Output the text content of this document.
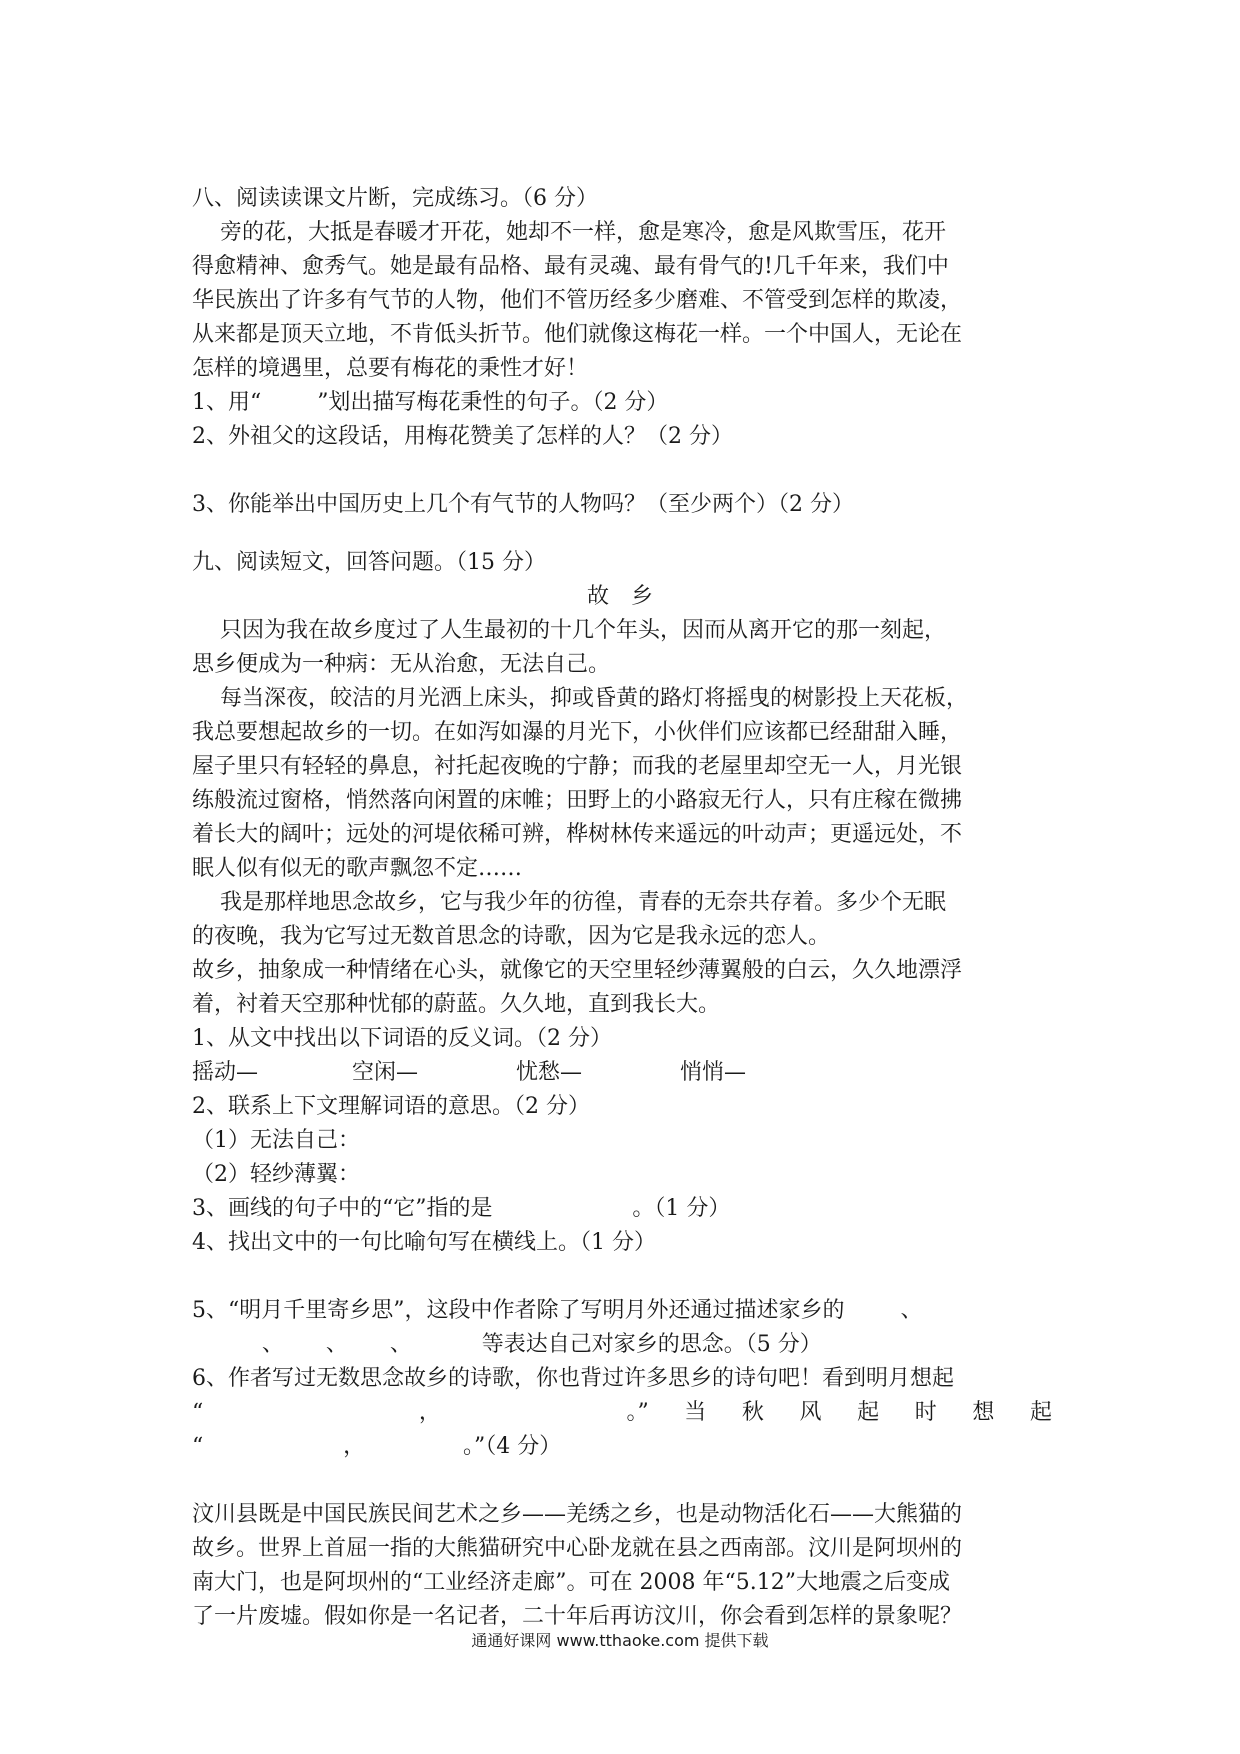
八、阅读读课文片断，完成练习。（6 分）
旁的花，大抵是春暖才开花，她却不一样，愈是寒冷，愈是风欺雪压，花开
得愈精神、愈秀气。她是最有品格、最有灵魂、最有骨气的!几千年来，我们中
华民族出了许多有气节的人物，他们不管历经多少磨难、不管受到怎样的欺凌，
从来都是顶天立地，不肯低头折节。他们就像这梅花一样。一个中国人，无论在
怎样的境遇里，总要有梅花的秉性才好！
1、用“        ”划出描写梅花秉性的句子。（2 分）
2、外祖父的这段话，用梅花赞美了怎样的人？（2 分）
3、你能举出中国历史上几个有气节的人物吗？（至少两个）（2 分）
九、阅读短文，回答问题。（15 分）
故　乡
只因为我在故乡度过了人生最初的十几个年头，因而从离开它的那一刻起，
思乡便成为一种病：无从治愈，无法自己。
每当深夜，皎洁的月光洒上床头，抑或昏黄的路灯将摇曳的树影投上天花板，
我总要想起故乡的一切。在如泻如瀑的月光下，小伙伴们应该都已经甜甜入睡，
屋子里只有轻轻的鼻息，衬托起夜晚的宁静；而我的老屋里却空无一人，月光银
练般流过窗格，悄然落向闲置的床帷；田野上的小路寂无行人，只有庄稼在微拂
着长大的阔叶；远处的河堤依稀可辨，桦树林传来遥远的叶动声；更遥远处，不
眠人似有似无的歌声飘忽不定……
我是那样地思念故乡，它与我少年的彷徨，青春的无奈共存着。多少个无眠
的夜晚，我为它写过无数首思念的诗歌，因为它是我永远的恋人。
故乡，抽象成一种情绪在心头，就像它的天空里轻纱薄翼般的白云，久久地漂浮
着，衬着天空那种忧郁的蔚蓝。久久地，直到我长大。
1、从文中找出以下词语的反义词。（2 分）
摇动—	空闲—	忧愁—	悄悄—
2、联系上下文理解词语的意思。（2 分）
（1）无法自己：
（2）轻纱薄翼：
3、画线的句子中的“它”指的是                    。（1 分）
4、找出文中的一句比喻句写在横线上。（1 分）
5、“明月千里寄乡思”，这段中作者除了写明月外还通过描述家乡的        、
、      、      、          等表达自己对家乡的思念。（5 分）
6、作者写过无数思念故乡的诗歌，你也背过许多思乡的诗句吧！看到明月想起
“	，	。” 当 秋 风 起 时 想 起
“                    ，              。”（4 分）
汶川县既是中国民族民间艺术之乡——羌绣之乡，也是动物活化石——大熊猫的
故乡。世界上首屈一指的大熊猫研究中心卧龙就在县之西南部。汶川是阿坝州的
南大门，也是阿坝州的“工业经济走廊”。可在 2008 年“5.12”大地震之后变成
了一片废墟。假如你是一名记者，二十年后再访汶川，你会看到怎样的景象呢？
通通好课网 www.tthaoke.com 提供下载
